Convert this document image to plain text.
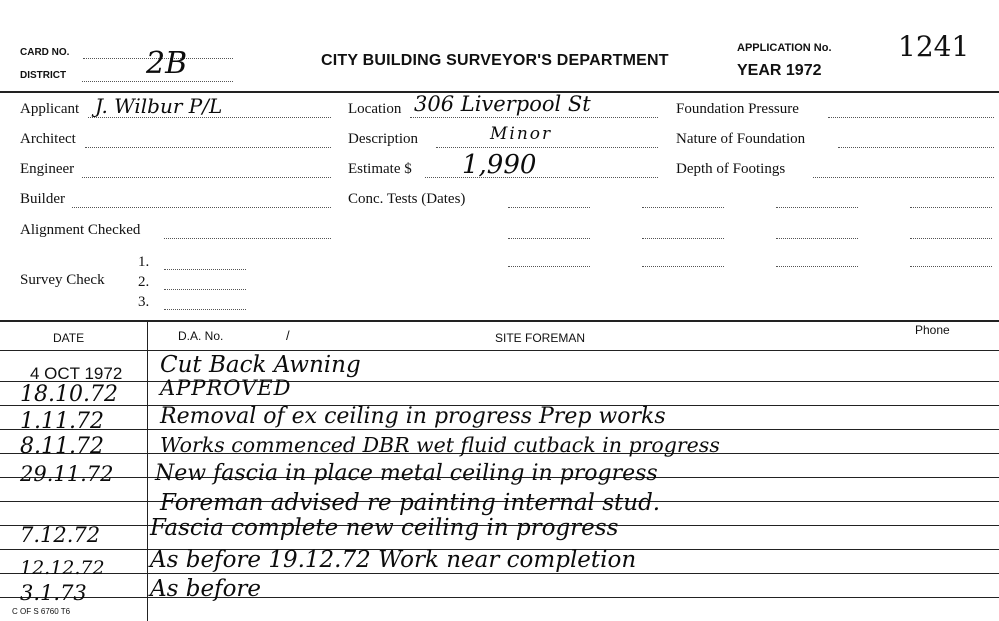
CARD NO.
DISTRICT	2B	CITY BUILDING SURVEYOR'S DEPARTMENT
APPLICATION No. 1241
YEAR 1972
Applicant J. Wilbur P/L
Architect
Engineer
Builder
Alignment Checked
Survey Check
1.
2.
3.
Location 306 Liverpool St
Description	Minor
Estimate $ 1,990
Conc. Tests (Dates)
Foundation Pressure
Nature of Foundation
Depth of Footings
DATE	D.A. No.	/	SITE FOREMAN
Phone
4 OCT 1972 Cut Back Awning
18.10.72 APPROVED
1.11.72	Removal of ex ceiling in progress Prep works
8.11.72	Works commenced DBR wet fluid cutback in progress
29.11.72 New fascia in place metal ceiling in progress
Foreman advised re painting internal stud.
7.12.72 Fascia complete new ceiling in progress
12.12.72 As before 19.12.72 Work near completion
3.1.73	As before
C OF S 6760 T6
